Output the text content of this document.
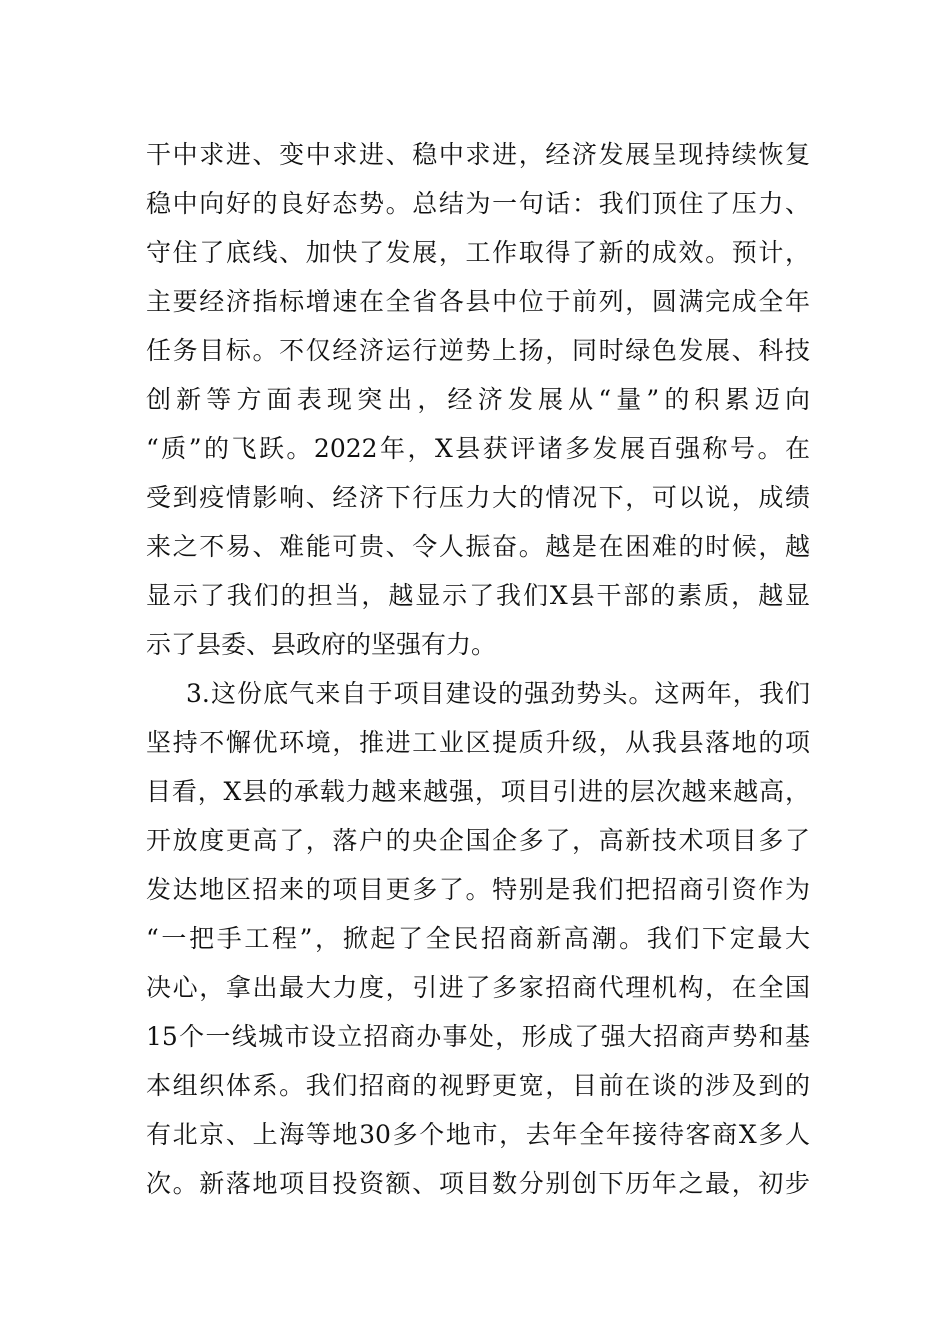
干中求进、变中求进、稳中求进，经济发展呈现持续恢复
稳中向好的良好态势。总结为一句话：我们顶住了压力、
守住了底线、加快了发展，工作取得了新的成效。预计，
主要经济指标增速在全省各县中位于前列，圆满完成全年
任务目标。不仅经济运行逆势上扬，同时绿色发展、科技
创新等方面表现突出，经济发展从“量”的积累迈向
“质”的飞跃。2022年，X县获评诸多发展百强称号。在
受到疫情影响、经济下行压力大的情况下，可以说，成绩
来之不易、难能可贵、令人振奋。越是在困难的时候，越
显示了我们的担当，越显示了我们X县干部的素质，越显
示了县委、县政府的坚强有力。
3.这份底气来自于项目建设的强劲势头。这两年，我们
坚持不懈优环境，推进工业区提质升级，从我县落地的项
目看，X县的承载力越来越强，项目引进的层次越来越高，
开放度更高了，落户的央企国企多了，高新技术项目多了
发达地区招来的项目更多了。特别是我们把招商引资作为
“一把手工程”，掀起了全民招商新高潮。我们下定最大
决心，拿出最大力度，引进了多家招商代理机构，在全国
15个一线城市设立招商办事处，形成了强大招商声势和基
本组织体系。我们招商的视野更宽，目前在谈的涉及到的
有北京、上海等地30多个地市，去年全年接待客商X多人
次。新落地项目投资额、项目数分别创下历年之最，初步
